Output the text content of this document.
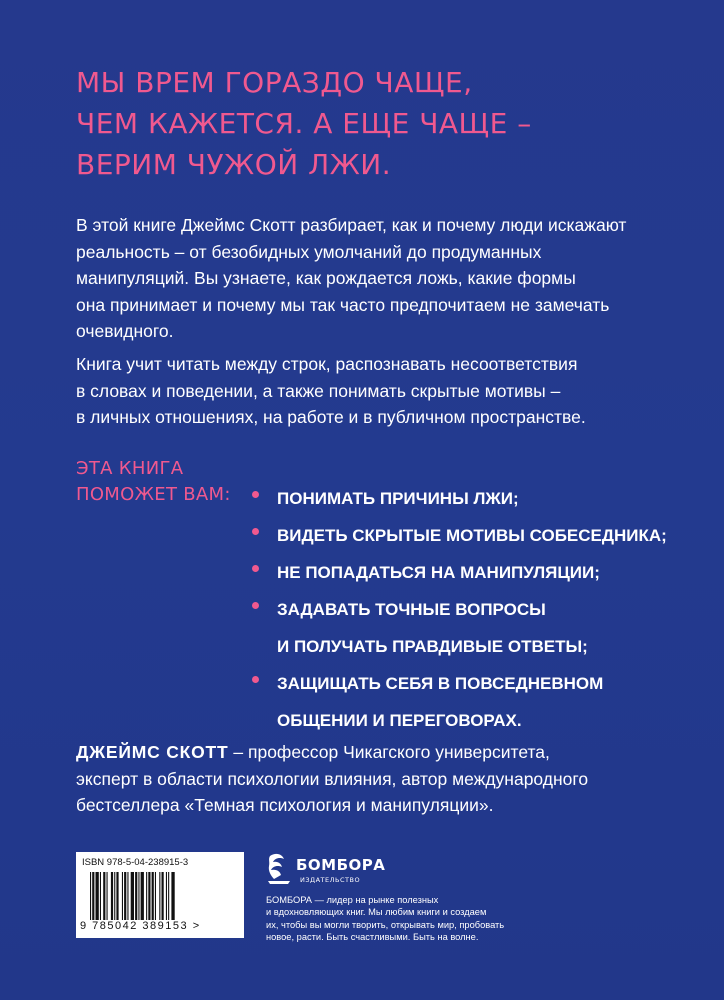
МЫ ВРЕМ ГОРАЗДО ЧАЩЕ,
ЧЕМ КАЖЕТСЯ. А ЕЩЕ ЧАЩЕ –
ВЕРИМ ЧУЖОЙ ЛЖИ.
В этой книге Джеймс Скотт разбирает, как и почему люди искажают
реальность – от безобидных умолчаний до продуманных
манипуляций. Вы узнаете, как рождается ложь, какие формы
она принимает и почему мы так часто предпочитаем не замечать
очевидного.
Книга учит читать между строк, распознавать несоответствия
в словах и поведении, а также понимать скрытые мотивы –
в личных отношениях, на работе и в публичном пространстве.
ЭТА КНИГА
ПОМОЖЕТ ВАМ:	ПОНИМАТЬ ПРИЧИНЫ ЛЖИ;
ВИДЕТЬ СКРЫТЫЕ МОТИВЫ СОБЕСЕДНИКА;
НЕ ПОПАДАТЬСЯ НА МАНИПУЛЯЦИИ;
ЗАДАВАТЬ ТОЧНЫЕ ВОПРОСЫ
И ПОЛУЧАТЬ ПРАВДИВЫЕ ОТВЕТЫ;
ЗАЩИЩАТЬ СЕБЯ В ПОВСЕДНЕВНОМ
ОБЩЕНИИ И ПЕРЕГОВОРАХ.
ДЖЕЙМС СКОТТ – профессор Чикагского университета,
эксперт в области психологии влияния, автор международного
бестселлера «Темная психология и манипуляции».
ISBN 978-5-04-238915-3
9 785042 389153 >
БОМБОРА
ИЗДАТЕЛЬСТВО
БОМБОРА — лидер на рынке полезных
и вдохновляющих книг. Мы любим книги и создаем
их, чтобы вы могли творить, открывать мир, пробовать
новое, расти. Быть счастливыми. Быть на волне.
